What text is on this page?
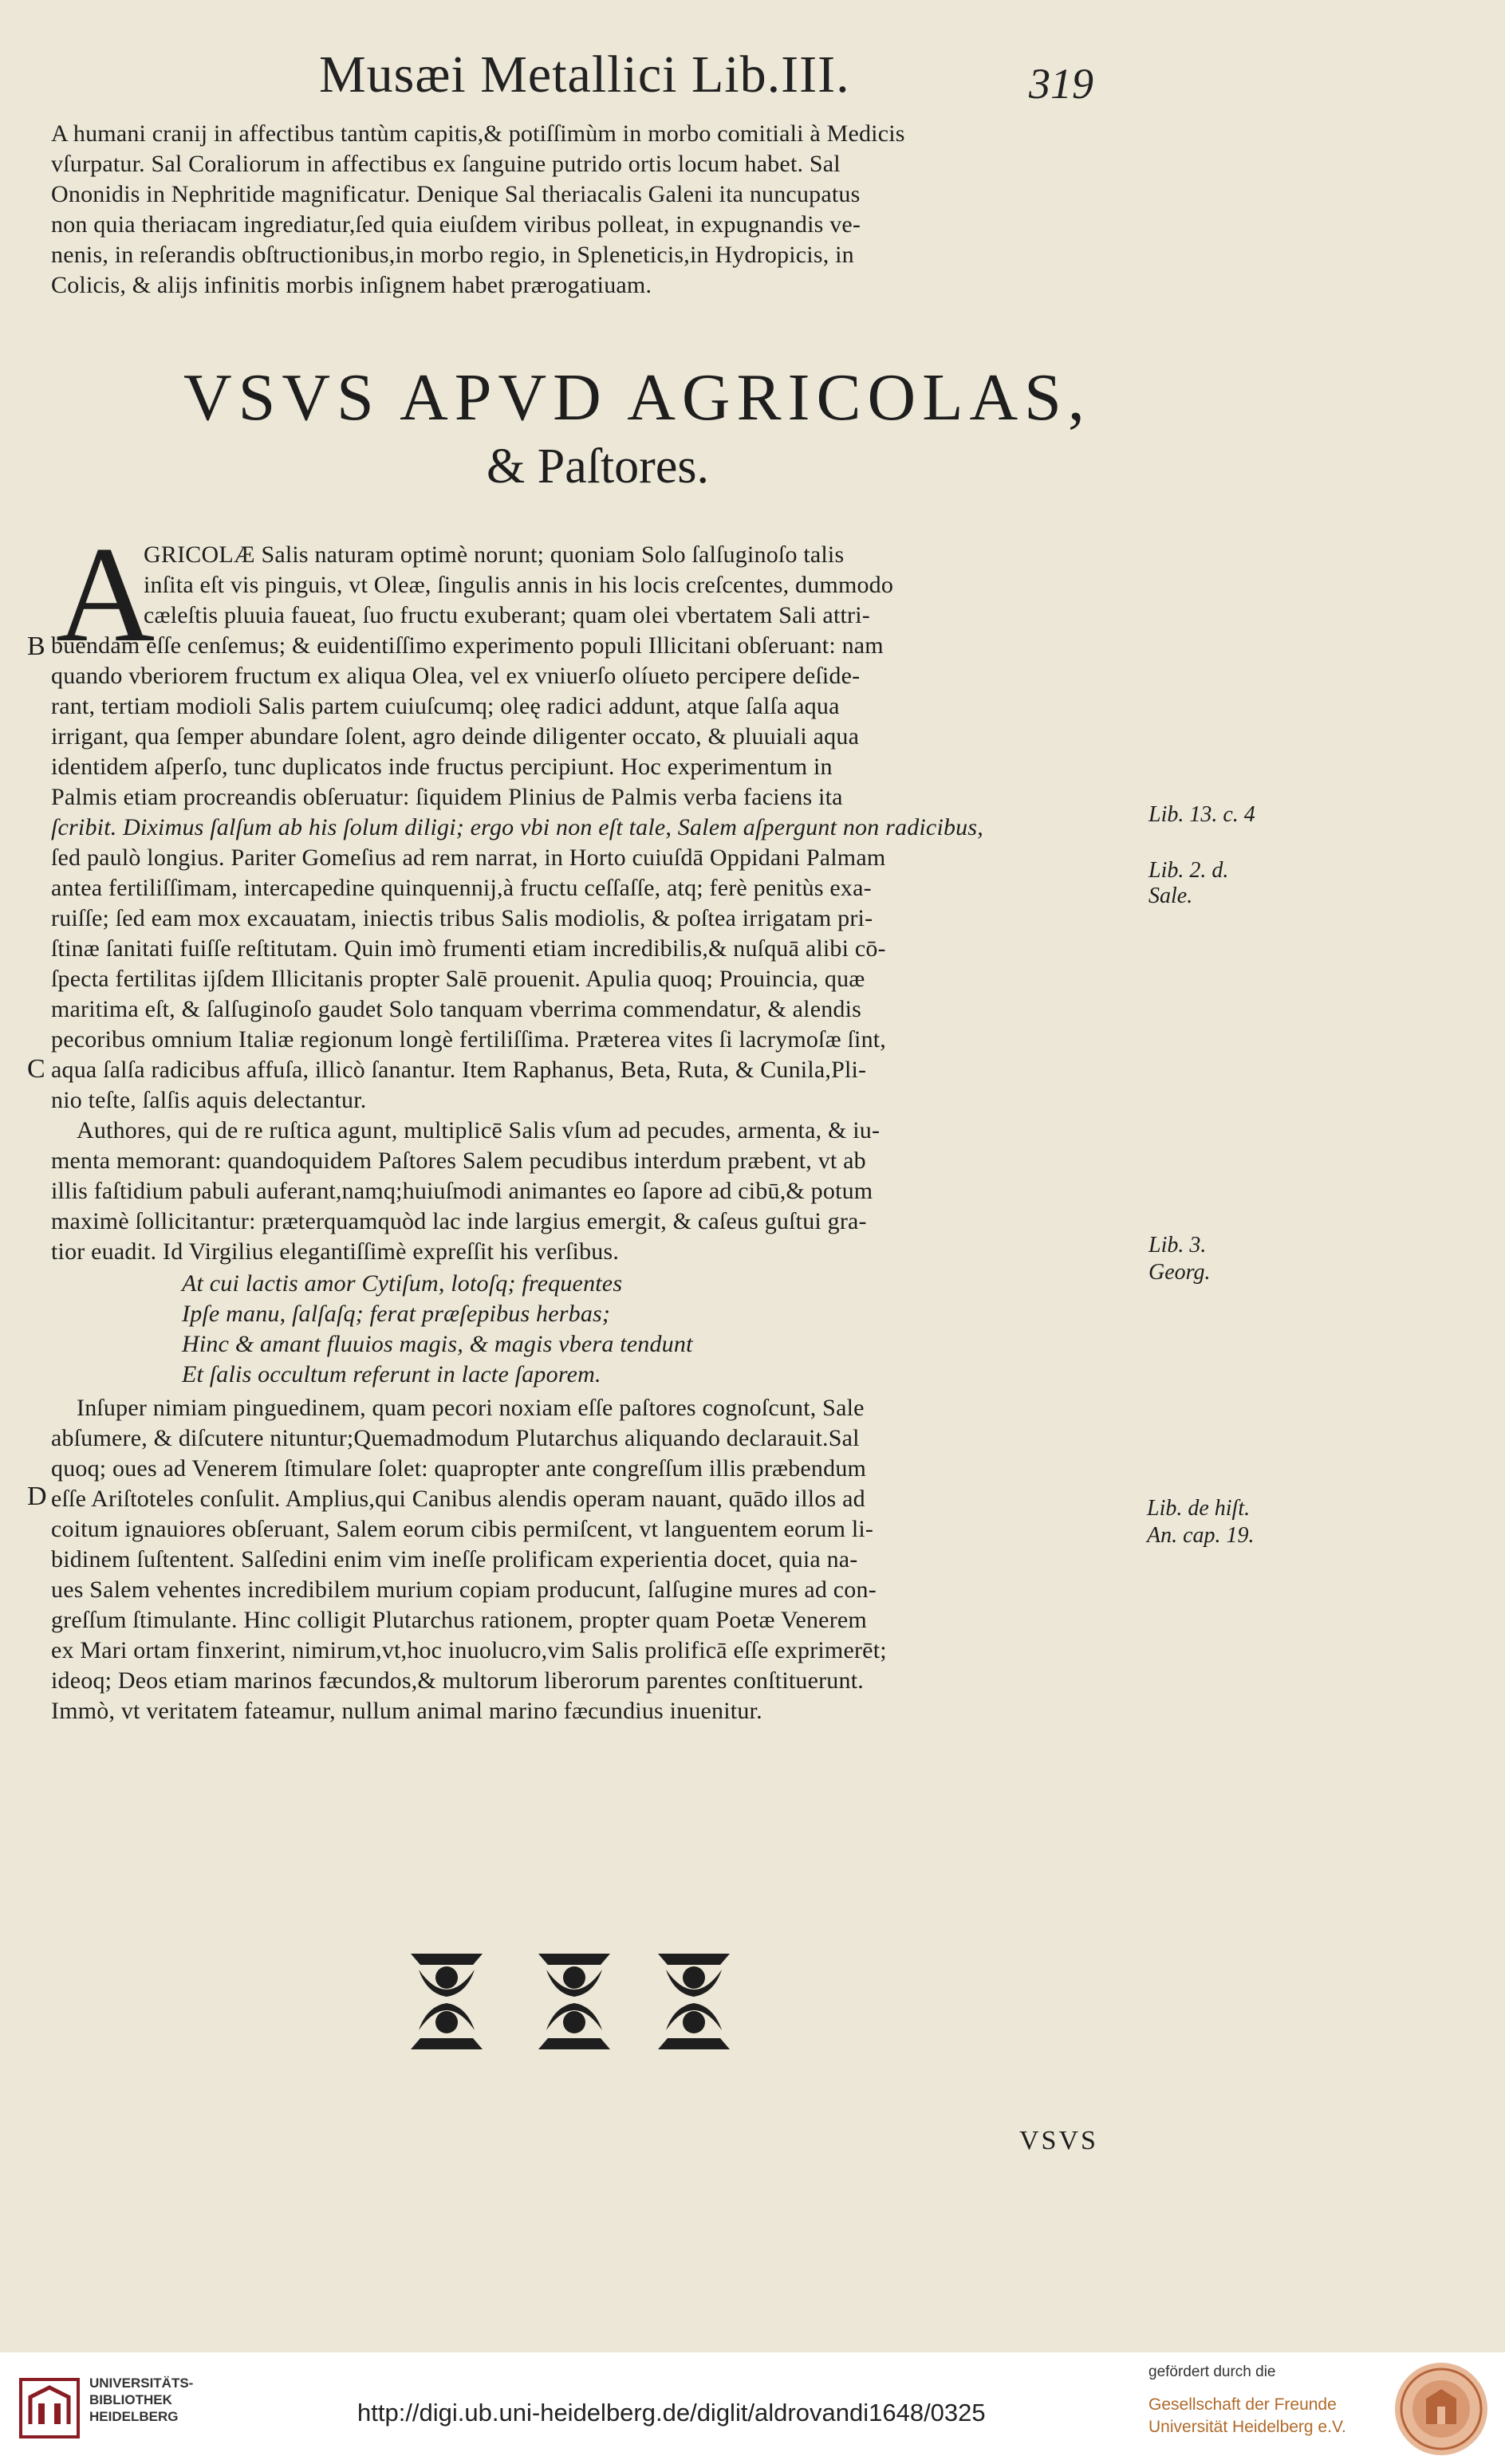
Musæi Metallici Lib.III.	319
A humani cranij in affectibus tantùm capitis,& potiſſimùm in morbo comitiali à Medicis
vſurpatur. Sal Coraliorum in affectibus ex ſanguine putrido ortis locum habet. Sal
Ononidis in Nephritide magnificatur. Denique Sal theriacalis Galeni ita nuncupatus
non quia theriacam ingrediatur,ſed quia eiuſdem viribus polleat, in expugnandis ve-
nenis, in reſerandis obſtructionibus,in morbo regio, in Spleneticis,in Hydropicis, in
Colicis, & alijs infinitis morbis inſignem habet prærogatiuam.
VSVS APVD AGRICOLAS,
& Paſtores.
A
GRICOLÆ Salis naturam optimè norunt; quoniam Solo ſalſuginoſo talis
inſita eſt vis pinguis, vt Oleæ, ſingulis annis in his locis creſcentes, dummodo
cæleſtis pluuia faueat, ſuo fructu exuberant; quam olei vbertatem Sali attri-
buendam eſſe cenſemus; & euidentiſſimo experimento populi Illicitani obſeruant: nam
quando vberiorem fructum ex aliqua Olea, vel ex vniuerſo olíueto percipere deſide-
rant, tertiam modioli Salis partem cuiuſcumq; oleę radici addunt, atque ſalſa aqua
irrigant, qua ſemper abundare ſolent, agro deinde diligenter occato, & pluuiali aqua
identidem aſperſo, tunc duplicatos inde fructus percipiunt. Hoc experimentum in
Palmis etiam procreandis obſeruatur: ſiquidem Plinius de Palmis verba faciens ita
ſcribit. Diximus ſalſum ab his ſolum diligi; ergo vbi non eſt tale, Salem aſpergunt non radicibus,
ſed paulò longius. Pariter Gomeſius ad rem narrat, in Horto cuiuſdā Oppidani Palmam
antea fertiliſſimam, intercapedine quinquennij,à fructu ceſſaſſe, atq; ferè penitùs exa-
ruiſſe; ſed eam mox excauatam, iniectis tribus Salis modiolis, & poſtea irrigatam pri-
ſtinæ ſanitati fuiſſe reſtitutam. Quin imò frumenti etiam incredibilis,& nuſquā alibi cō-
ſpecta fertilitas ijſdem Illicitanis propter Salē prouenit. Apulia quoq; Prouincia, quæ
maritima eſt, & ſalſuginoſo gaudet Solo tanquam vberrima commendatur, & alendis
pecoribus omnium Italiæ regionum longè fertiliſſima. Præterea vites ſi lacrymoſæ ſint,
aqua ſalſa radicibus affuſa, illicò ſanantur. Item Raphanus, Beta, Ruta, & Cunila,Pli-
nio teſte, ſalſis aquis delectantur.
Authores, qui de re ruſtica agunt, multiplicē Salis vſum ad pecudes, armenta, & iu-
menta memorant: quandoquidem Paſtores Salem pecudibus interdum præbent, vt ab
illis faſtidium pabuli auferant,namq;huiuſmodi animantes eo ſapore ad cibū,& potum
maximè ſollicitantur: præterquamquòd lac inde largius emergit, & caſeus guſtui gra-
tior euadit. Id Virgilius elegantiſſimè expreſſit his verſibus.
At cui lactis amor Cytiſum, lotoſq; frequentes
Ipſe manu, ſalſaſq; ferat præſepibus herbas;
Hinc & amant fluuios magis, & magis vbera tendunt
Et ſalis occultum referunt in lacte ſaporem.
Inſuper nimiam pinguedinem, quam pecori noxiam eſſe paſtores cognoſcunt, Sale
abſumere, & diſcutere nituntur;Quemadmodum Plutarchus aliquando declarauit.Sal
quoq; oues ad Venerem ſtimulare ſolet: quapropter ante congreſſum illis præbendum
eſſe Ariſtoteles conſulit. Amplius,qui Canibus alendis operam nauant, quādo illos ad
coitum ignauiores obſeruant, Salem eorum cibis permiſcent, vt languentem eorum li-
bidinem ſuſtentent. Salſedini enim vim ineſſe prolificam experientia docet, quia na-
ues Salem vehentes incredibilem murium copiam producunt, ſalſugine mures ad con-
greſſum ſtimulante. Hinc colligit Plutarchus rationem, propter quam Poetæ Venerem
ex Mari ortam finxerint, nimirum,vt,hoc inuolucro,vim Salis prolificā eſſe exprimerēt;
ideoq; Deos etiam marinos fæcundos,& multorum liberorum parentes conſtituerunt.
Immò, vt veritatem fateamur, nullum animal marino fæcundius inuenitur.
B
C
D
Lib. 13. c. 4
Lib. 2. d.
Sale.
Lib. 3.
Georg.
Lib. de hiſt.
An. cap. 19.
VSVS
UNIVERSITÄTS-
BIBLIOTHEK
HEIDELBERG	http://digi.ub.uni-heidelberg.de/diglit/aldrovandi1648/0325
gefördert durch die
Gesellschaft der Freunde
Universität Heidelberg e.V.
